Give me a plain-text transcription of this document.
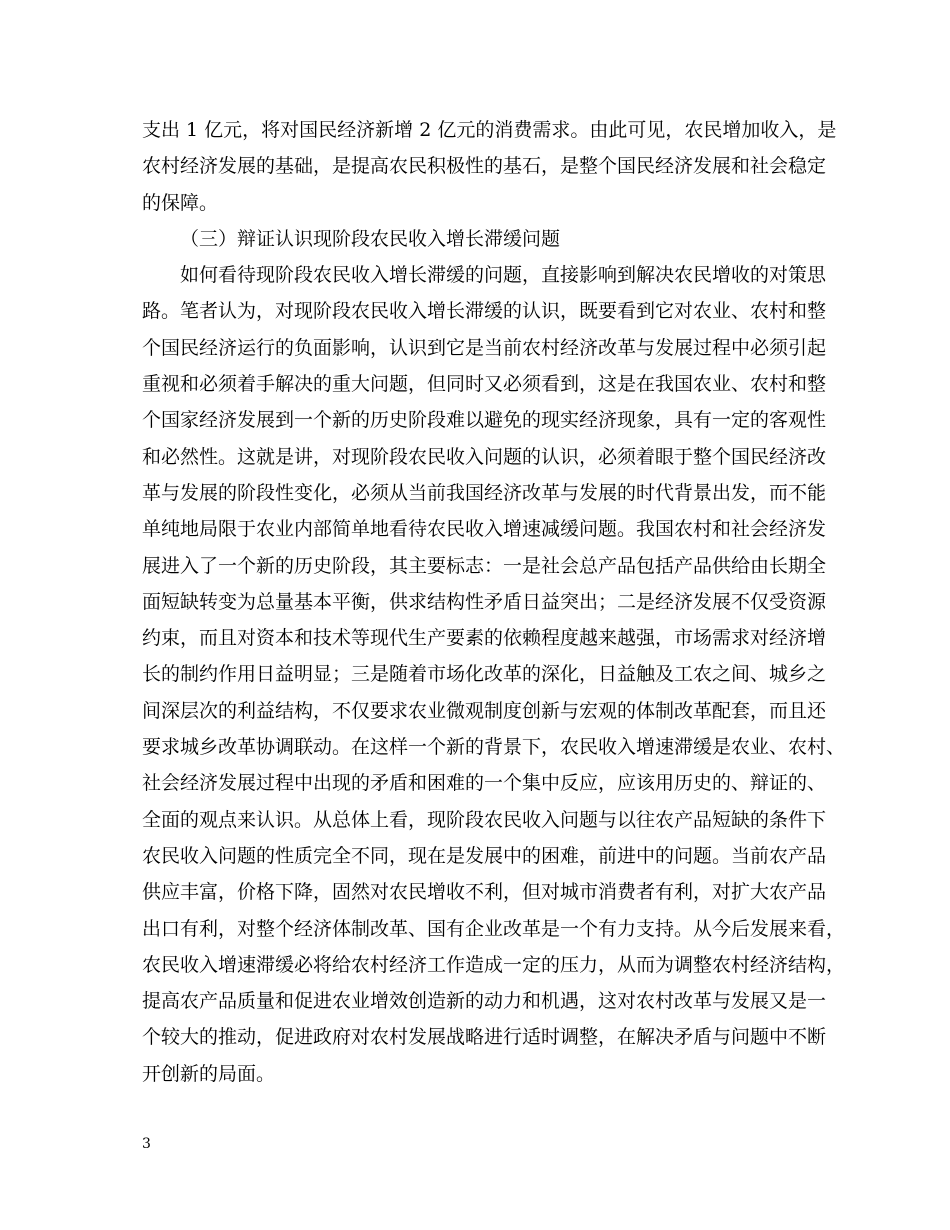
支出 1 亿元，将对国民经济新增 2 亿元的消费需求。由此可见，农民增加收入，是
农村经济发展的基础，是提高农民积极性的基石，是整个国民经济发展和社会稳定
的保障。
（三）辩证认识现阶段农民收入增长滞缓问题
如何看待现阶段农民收入增长滞缓的问题，直接影响到解决农民增收的对策思
路。笔者认为，对现阶段农民收入增长滞缓的认识，既要看到它对农业、农村和整
个国民经济运行的负面影响，认识到它是当前农村经济改革与发展过程中必须引起
重视和必须着手解决的重大问题，但同时又必须看到，这是在我国农业、农村和整
个国家经济发展到一个新的历史阶段难以避免的现实经济现象，具有一定的客观性
和必然性。这就是讲，对现阶段农民收入问题的认识，必须着眼于整个国民经济改
革与发展的阶段性变化，必须从当前我国经济改革与发展的时代背景出发，而不能
单纯地局限于农业内部简单地看待农民收入增速减缓问题。我国农村和社会经济发
展进入了一个新的历史阶段，其主要标志：一是社会总产品包括产品供给由长期全
面短缺转变为总量基本平衡，供求结构性矛盾日益突出；二是经济发展不仅受资源
约束，而且对资本和技术等现代生产要素的依赖程度越来越强，市场需求对经济增
长的制约作用日益明显；三是随着市场化改革的深化，日益触及工农之间、城乡之
间深层次的利益结构，不仅要求农业微观制度创新与宏观的体制改革配套，而且还
要求城乡改革协调联动。在这样一个新的背景下，农民收入增速滞缓是农业、农村、
社会经济发展过程中出现的矛盾和困难的一个集中反应，应该用历史的、辩证的、
全面的观点来认识。从总体上看，现阶段农民收入问题与以往农产品短缺的条件下
农民收入问题的性质完全不同，现在是发展中的困难，前进中的问题。当前农产品
供应丰富，价格下降，固然对农民增收不利，但对城市消费者有利，对扩大农产品
出口有利，对整个经济体制改革、国有企业改革是一个有力支持。从今后发展来看，
农民收入增速滞缓必将给农村经济工作造成一定的压力，从而为调整农村经济结构，
提高农产品质量和促进农业增效创造新的动力和机遇，这对农村改革与发展又是一
个较大的推动，促进政府对农村发展战略进行适时调整，在解决矛盾与问题中不断
开创新的局面。
3
